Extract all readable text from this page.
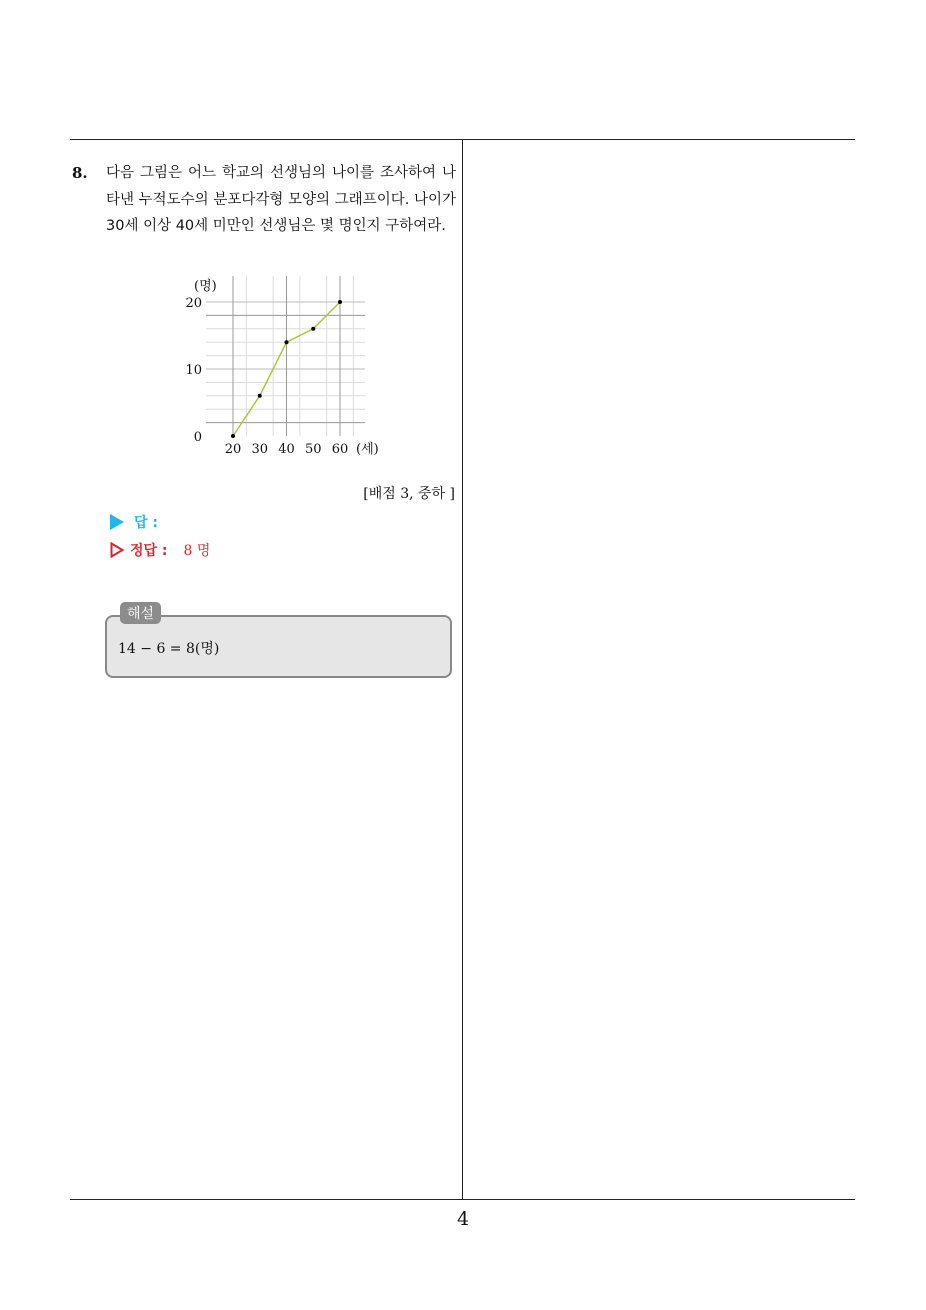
8. 다음 그림은 어느 학교의 선생님의 나이를 조사하여 나타낸 누적도수의 분포다각형 모양의 그래프이다. 나이가 30세 이상 40세 미만인 선생님은 몇 명인지 구하여라.
0
10
20
(명)
20 30 40 50 60 (세)
[배점 3, 중하 ]
답 :
정답 : 8 명
해설
14 − 6 = 8(명)
4
